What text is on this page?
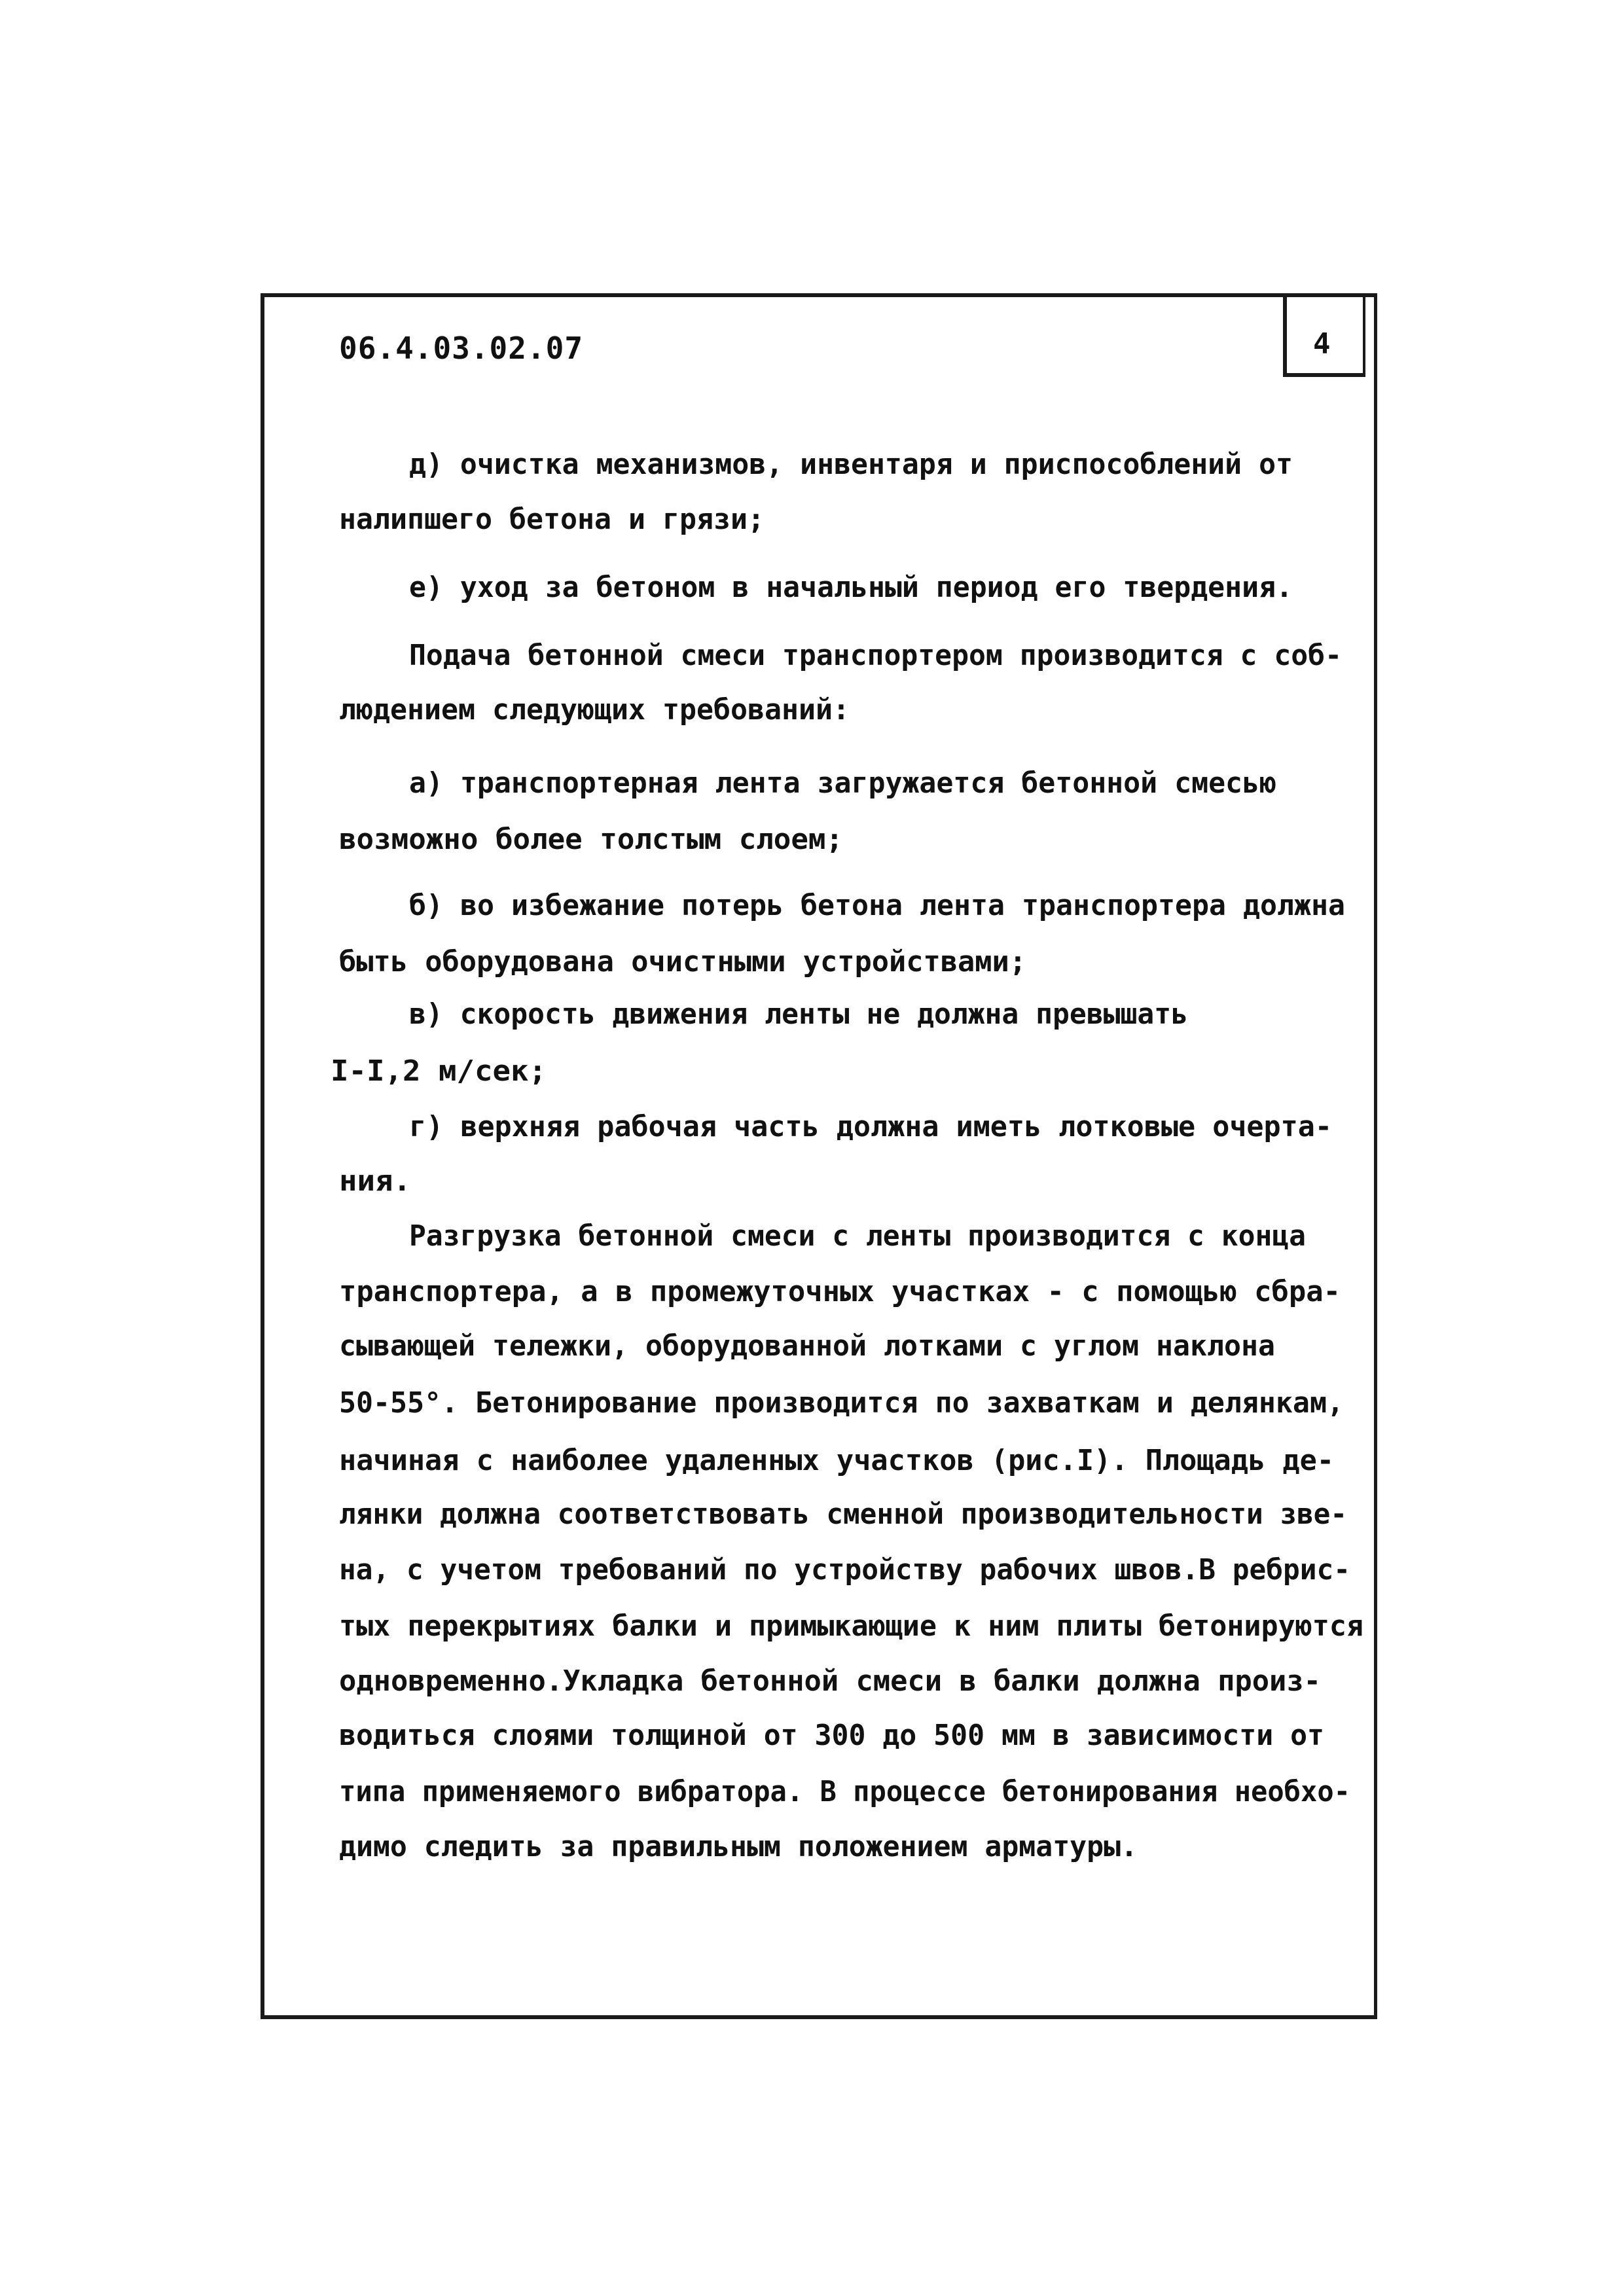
06.4.03.02.07	4
д) очистка механизмов, инвентаря и приспособлений от
налипшего бетона и грязи;
е) уход за бетоном в начальный период его твердения.
Подача бетонной смеси транспортером производится с соб-
людением следующих требований:
а) транспортерная лента загружается бетонной смесью
возможно более толстым слоем;
б) во избежание потерь бетона лента транспортера должна
быть оборудована очистными устройствами;
в) скорость движения ленты не должна превышать
I-I,2 м/сек;
г) верхняя рабочая часть должна иметь лотковые очерта-
ния.
Разгрузка бетонной смеси с ленты производится с конца
транспортера, а в промежуточных участках - с помощью сбра-
сывающей тележки, оборудованной лотками с углом наклона
50-55°. Бетонирование производится по захваткам и делянкам,
начиная с наиболее удаленных участков (рис.I). Площадь де-
лянки должна соответствовать сменной производительности зве-
на, с учетом требований по устройству рабочих швов.В ребрис-
тых перекрытиях балки и примыкающие к ним плиты бетонируются
одновременно.Укладка бетонной смеси в балки должна произ-
водиться слоями толщиной от 300 до 500 мм в зависимости от
типа применяемого вибратора. В процессе бетонирования необхо-
димо следить за правильным положением арматуры.
